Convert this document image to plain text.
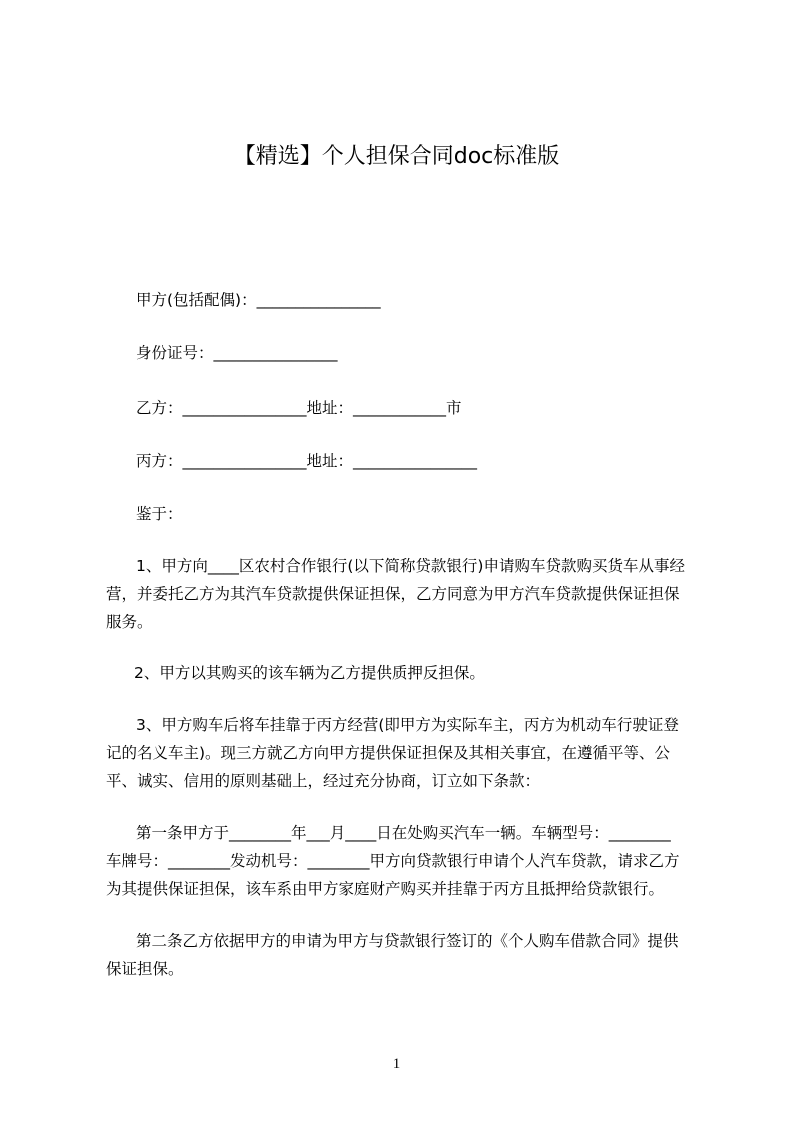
【精选】个人担保合同doc标准版
甲方(包括配偶)：________________
身份证号：________________
乙方：________________地址：____________市
丙方：________________地址：________________
鉴于：
1、甲方向____区农村合作银行(以下简称贷款银行)申请购车贷款购买货车从事经
营，并委托乙方为其汽车贷款提供保证担保，乙方同意为甲方汽车贷款提供保证担保
服务。
2、甲方以其购买的该车辆为乙方提供质押反担保。
3、甲方购车后将车挂靠于丙方经营(即甲方为实际车主，丙方为机动车行驶证登
记的名义车主)。现三方就乙方向甲方提供保证担保及其相关事宜，在遵循平等、公
平、诚实、信用的原则基础上，经过充分协商，订立如下条款：
第一条甲方于________年___月____日在处购买汽车一辆。车辆型号：________
车牌号：________发动机号：________甲方向贷款银行申请个人汽车贷款，请求乙方
为其提供保证担保，该车系由甲方家庭财产购买并挂靠于丙方且抵押给贷款银行。
第二条乙方依据甲方的申请为甲方与贷款银行签订的《个人购车借款合同》提供
保证担保。
1
